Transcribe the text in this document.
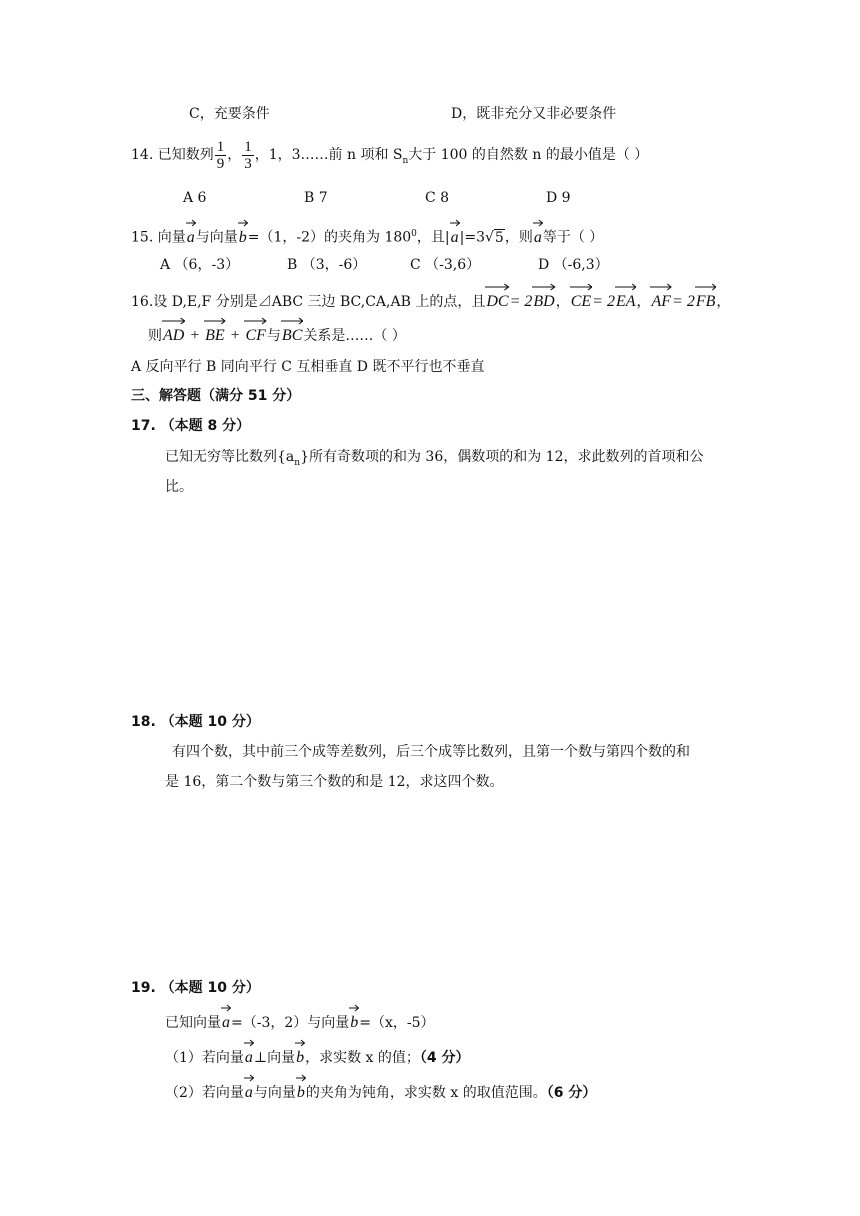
C，充要条件	D，既非充分又非必要条件
14. 已知数列 $\frac{1}{9}$ ， $\frac{1}{3}$ ，1，3……前 n 项和 $S_n$大于 100 的自然数 n 的最小值是（ ）
A 6	B 7	C 8	D 9
15. 向量
a与向量
b=（1，-2）的夹角为 $180^0$，且|
a|=3√5，则
a等于（ ）
A （6，-3）	B （3，-6）	C （-3,6）	D （-6,3）
16.设 D,E,F 分别是⊿ABC 三边 BC,CA,AB 上的点，且
DC= 2
BD，
CE= 2
EA，
AF= 2
FB，
则
AD +
BE +
CF与
BC关系是……（ ）
A 反向平行 B 同向平行 C 互相垂直 D 既不平行也不垂直
三、解答题（满分 51 分）
17. （本题 8 分）
已知无穷等比数列$\{a_n\}$所有奇数项的和为 36，偶数项的和为 12，求此数列的首项和公
比。
18. （本题 10 分）
有四个数，其中前三个成等差数列，后三个成等比数列，且第一个数与第四个数的和
是 16，第二个数与第三个数的和是 12，求这四个数。
19. （本题 10 分）
已知向量
a=（-3，2）与向量
b=（x，-5）
（1）若向量
a⊥向量
b，求实数 x 的值；（4 分）
（2）若向量
a与向量
b的夹角为钝角，求实数 x 的取值范围。（6 分）
